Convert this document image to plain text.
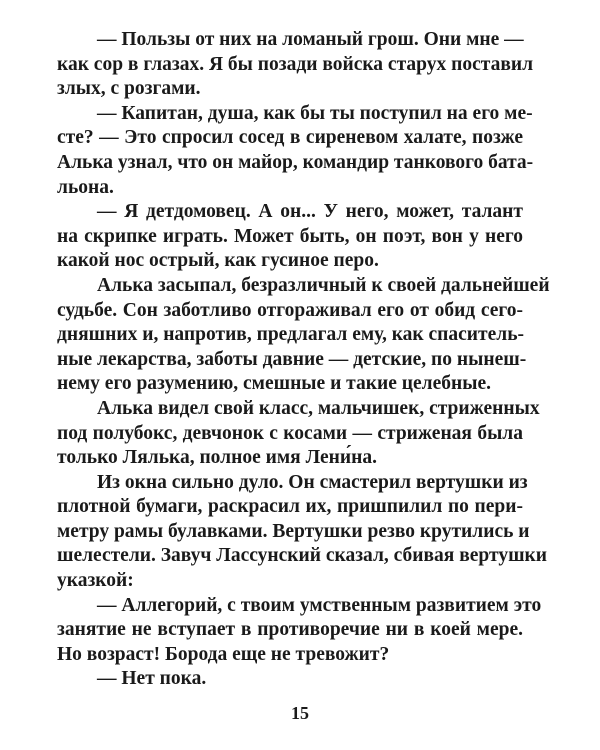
— Пользы от них на ломаный грош. Они мне —
как сор в глазах. Я бы позади войска старух поставил
злых, с розгами.
— Капитан, душа, как бы ты поступил на его ме-
сте? — Это спросил сосед в сиреневом халате, позже
Алька узнал, что он майор, командир танкового бата-
льона.
— Я детдомовец. А он... У него, может, талант
на скрипке играть. Может быть, он поэт, вон у него
какой нос острый, как гусиное перо.
Алька засыпал, безразличный к своей дальнейшей
судьбе. Сон заботливо отгораживал его от обид сего-
дняшних и, напротив, предлагал ему, как спаситель-
ные лекарства, заботы давние — детские, по нынеш-
нему его разумению, смешные и такие целебные.
Алька видел свой класс, мальчишек, стриженных
под полубокс, девчонок с косами — стриженая была
только Лялька, полное имя Лени́на.
Из окна сильно дуло. Он смастерил вертушки из
плотной бумаги, раскрасил их, пришпилил по пери-
метру рамы булавками. Вертушки резво крутились и
шелестели. Завуч Лассунский сказал, сбивая вертушки
указкой:
— Аллегорий, с твоим умственным развитием это
занятие не вступает в противоречие ни в коей мере.
Но возраст! Борода еще не тревожит?
— Нет пока.
15
